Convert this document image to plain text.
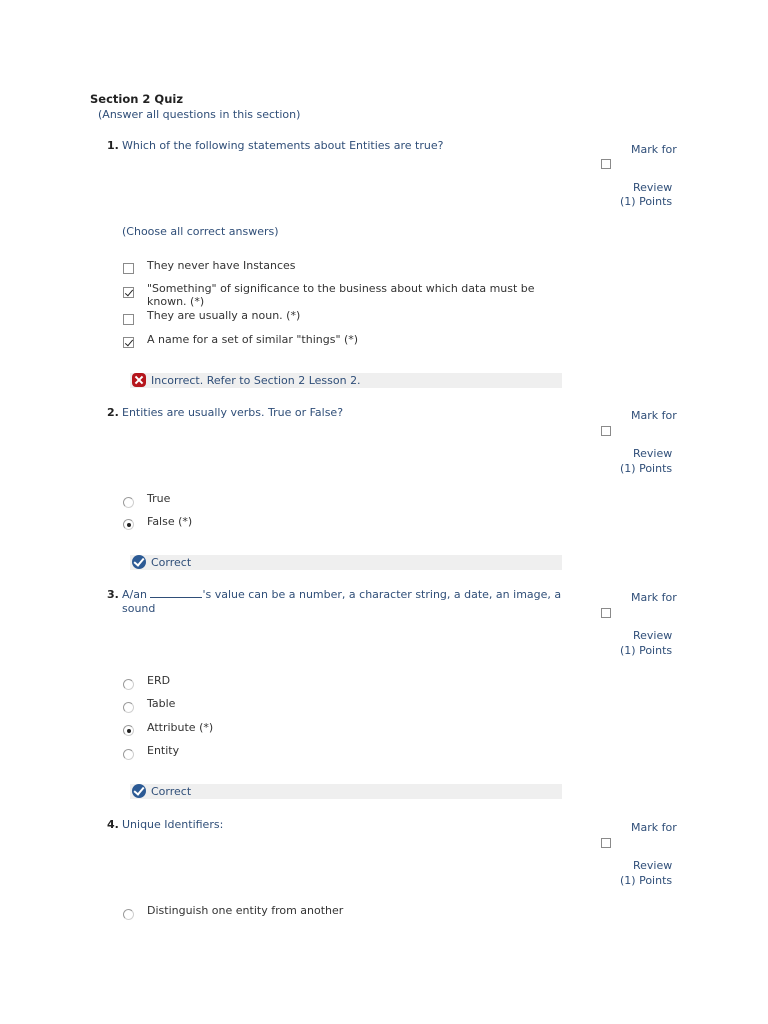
Section 2 Quiz
(Answer all questions in this section)
1. Which of the following statements about Entities are true?	Mark for
Review
(1) Points
(Choose all correct answers)
They never have Instances
"Something" of significance to the business about which data must be known. (*)
They are usually a noun. (*)
A name for a set of similar "things" (*)
Incorrect. Refer to Section 2 Lesson 2.
2. Entities are usually verbs. True or False?	Mark for
Review
(1) Points
True
False (*)
Correct
3. A/an	's value can be a number, a character string, a date, an image, a sound
Mark for
Review
(1) Points
ERD
Table
Attribute (*)
Entity
Correct
4. Unique Identifiers:	Mark for
Review
(1) Points
Distinguish one entity from another
